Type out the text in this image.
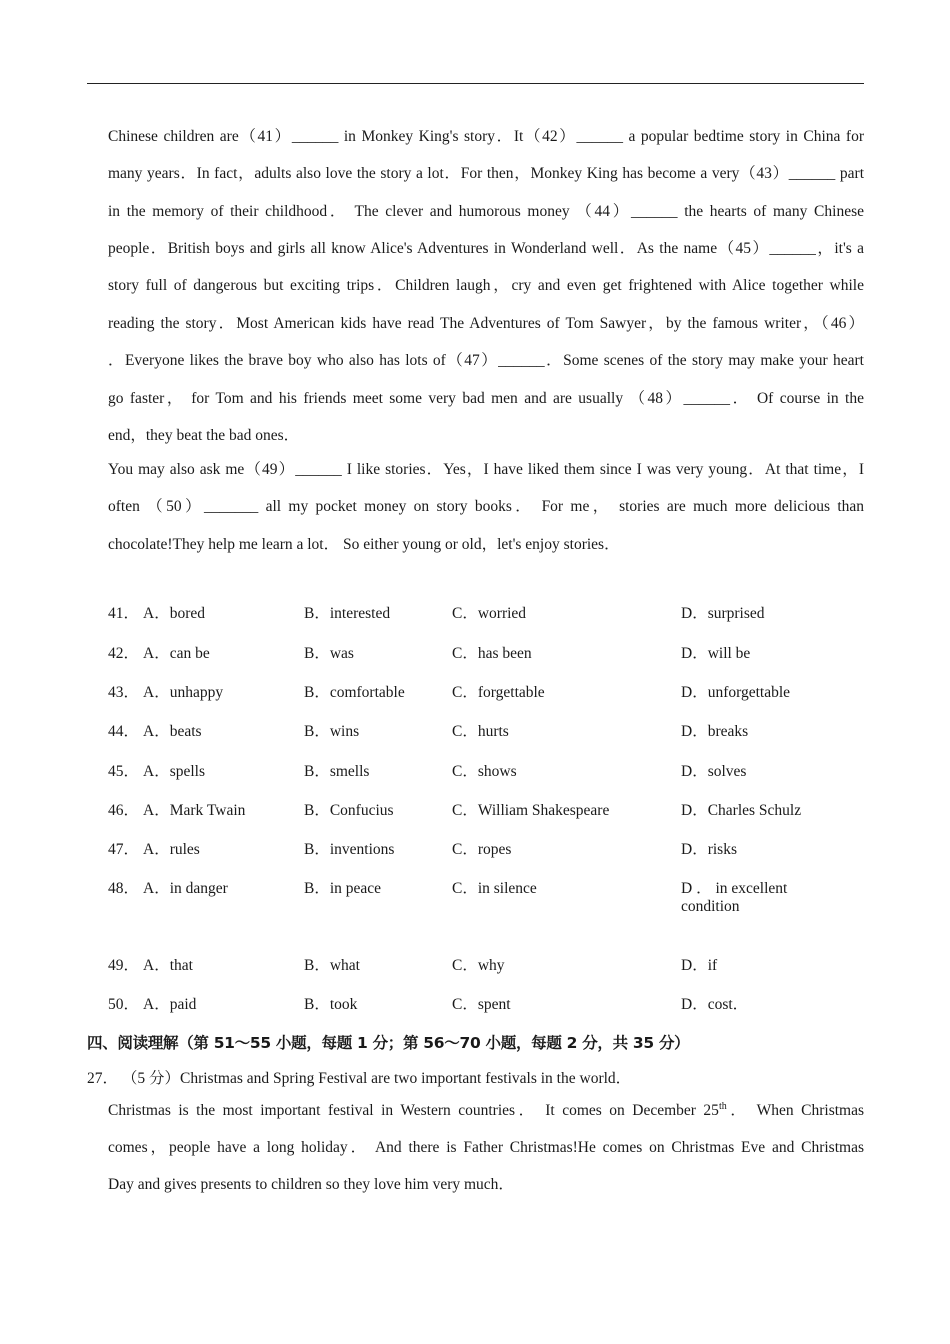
Chinese children are（41）______ in Monkey King's story．It（42）______ a popular bedtime story in China for
many years．In fact，adults also love the story a lot．For then，Monkey King has become a very（43）______ part
in the memory of their childhood． The clever and humorous money （44）______ the hearts of many Chinese
people．British boys and girls all know Alice's Adventures in Wonderland well．As the name（45）______，it's a
story full of dangerous but exciting trips．Children laugh，cry and even get frightened with Alice together while
reading the story．Most American kids have read The Adventures of Tom Sawyer，by the famous writer，（46）
．Everyone likes the brave boy who also has lots of（47）______．Some scenes of the story may make your heart
go faster， for Tom and his friends meet some very bad men and are usually （48）______． Of course in the
end，they beat the bad ones．
You may also ask me（49）______ I like stories．Yes，I have liked them since I was very young．At that time，I
often （50）_______ all my pocket money on story books． For me， stories are much more delicious than
chocolate!They help me learn a lot． So either young or old，let's enjoy stories．
41． A．bored	B．interested	C．worried	D．surprised
42． A．can be	B．was	C．has been	D．will be
43． A．unhappy	B．comfortable	C．forgettable	D．unforgettable
44． A．beats	B．wins	C．hurts	D．breaks
45． A．spells	B．smells	C．shows	D．solves
46． A．Mark Twain	B．Confucius	C．William Shakespeare	D．Charles Schulz
47． A．rules	B．inventions	C．ropes	D．risks
48． A．in danger	B．in peace	C．in silence	D ． in excellent
condition
49． A．that	B．what	C．why	D．if
50． A．paid	B．took	C．spent	D．cost．
四、阅读理解（第 51～55 小题，每题 1 分；第 56～70 小题，每题 2 分，共 35 分）
27． （5 分）Christmas and Spring Festival are two important festivals in the world．
Christmas is the most important festival in Western countries． It comes on December 25th． When Christmas
comes，people have a long holiday． And there is Father Christmas!He comes on Christmas Eve and Christmas
Day and gives presents to children so they love him very much．
